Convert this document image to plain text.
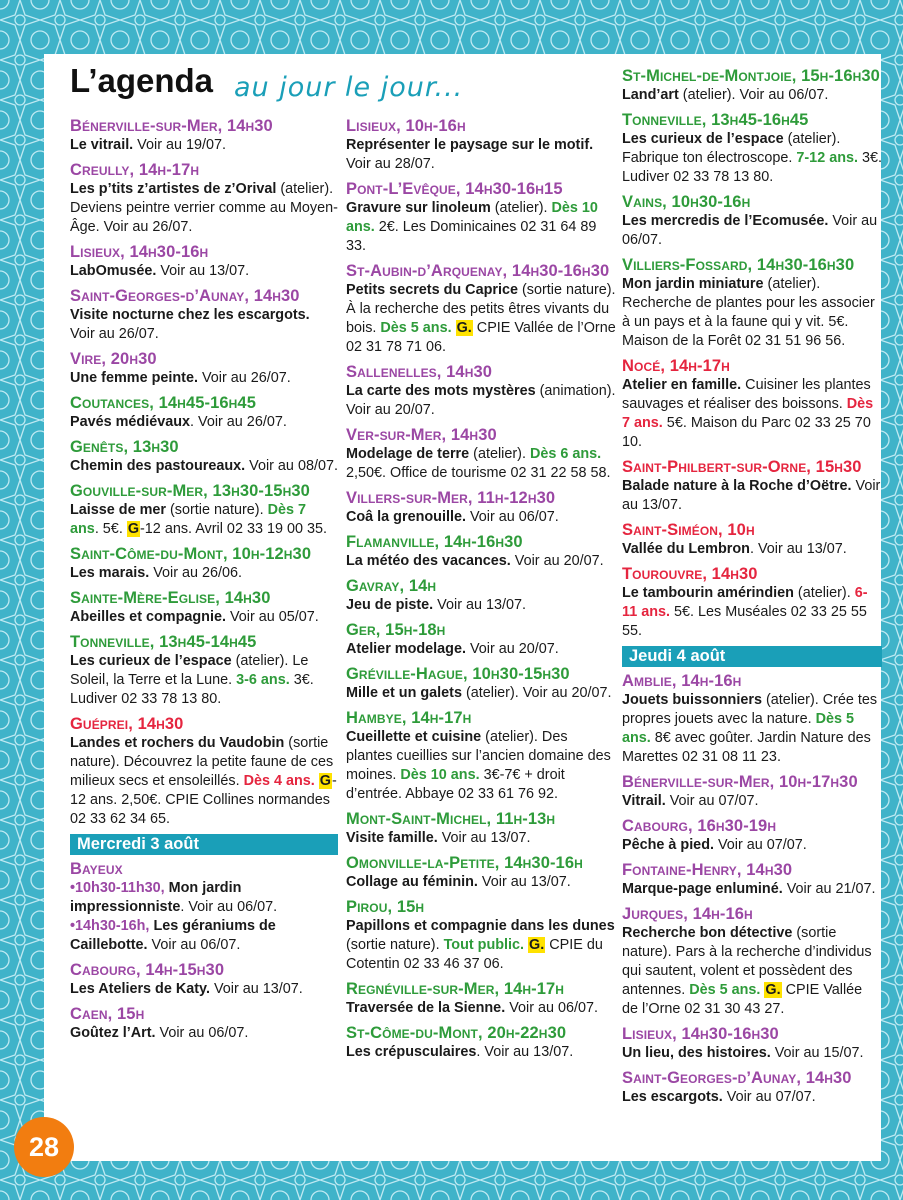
L’agenda au jour le jour...
Bénerville-sur-Mer, 14h30
Le vitrail. Voir au 19/07.
Creully, 14h-17h
Les p’tits z’artistes de z’Orival (atelier). Deviens peintre verrier comme au Moyen-Âge. Voir au 26/07.
Lisieux, 14h30-16h
LabOmusée. Voir au 13/07.
Saint-Georges-d’Aunay, 14h30
Visite nocturne chez les escargots. Voir au 26/07.
Vire, 20h30
Une femme peinte. Voir au 26/07.
Coutances, 14h45-16h45
Pavés médiévaux. Voir au 26/07.
Genêts, 13h30
Chemin des pastoureaux. Voir au 08/07.
Gouville-sur-Mer, 13h30-15h30
Laisse de mer (sortie nature). Dès 7 ans. 5€. G-12 ans. Avril 02 33 19 00 35.
Saint-Côme-du-Mont, 10h-12h30
Les marais. Voir au 26/06.
Sainte-Mère-Eglise, 14h30
Abeilles et compagnie. Voir au 05/07.
Tonneville, 13h45-14h45
Les curieux de l’espace (atelier). Le Soleil, la Terre et la Lune. 3-6 ans. 3€. Ludiver 02 33 78 13 80.
Guéprei, 14h30
Landes et rochers du Vaudobin (sortie nature). Découvrez la petite faune de ces milieux secs et ensoleillés. Dès 4 ans. G-12 ans. 2,50€. CPIE Collines normandes 02 33 62 34 65.
Mercredi 3 août
Bayeux
•10h30-11h30, Mon jardin impressionniste. Voir au 06/07.
•14h30-16h, Les géraniums de Caillebotte. Voir au 06/07.
Cabourg, 14h-15h30
Les Ateliers de Katy. Voir au 13/07.
Caen, 15h
Goûtez l’Art. Voir au 06/07.
Lisieux, 10h-16h
Représenter le paysage sur le motif. Voir au 28/07.
Pont-L’Evêque, 14h30-16h15
Gravure sur linoleum (atelier). Dès 10 ans. 2€. Les Dominicaines 02 31 64 89 33.
St-Aubin-d’Arquenay, 14h30-16h30
Petits secrets du Caprice (sortie nature). À la recherche des petits êtres vivants du bois. Dès 5 ans. G. CPIE Vallée de l’Orne 02 31 78 71 06.
Sallenelles, 14h30
La carte des mots mystères (animation). Voir au 20/07.
Ver-sur-Mer, 14h30
Modelage de terre (atelier). Dès 6 ans. 2,50€. Office de tourisme 02 31 22 58 58.
Villers-sur-Mer, 11h-12h30
Coâ la grenouille. Voir au 06/07.
Flamanville, 14h-16h30
La météo des vacances. Voir au 20/07.
Gavray, 14h
Jeu de piste. Voir au 13/07.
Ger, 15h-18h
Atelier modelage. Voir au 20/07.
Gréville-Hague, 10h30-15h30
Mille et un galets (atelier). Voir au 20/07.
Hambye, 14h-17h
Cueillette et cuisine (atelier). Des plantes cueillies sur l’ancien domaine des moines. Dès 10 ans. 3€-7€ + droit d’entrée. Abbaye 02 33 61 76 92.
Mont-Saint-Michel, 11h-13h
Visite famille. Voir au 13/07.
Omonville-la-Petite, 14h30-16h
Collage au féminin. Voir au 13/07.
Pirou, 15h
Papillons et compagnie dans les dunes (sortie nature). Tout public. G. CPIE du Cotentin 02 33 46 37 06.
Regnéville-sur-Mer, 14h-17h
Traversée de la Sienne. Voir au 06/07.
St-Côme-du-Mont, 20h-22h30
Les crépusculaires. Voir au 13/07.
St-Michel-de-Montjoie, 15h-16h30
Land’art (atelier). Voir au 06/07.
Tonneville, 13h45-16h45
Les curieux de l’espace (atelier). Fabrique ton électroscope. 7-12 ans. 3€. Ludiver 02 33 78 13 80.
Vains, 10h30-16h
Les mercredis de l’Ecomusée. Voir au 06/07.
Villiers-Fossard, 14h30-16h30
Mon jardin miniature (atelier). Recherche de plantes pour les associer à un pays et à la faune qui y vit. 5€. Maison de la Forêt 02 31 51 96 56.
Nocé, 14h-17h
Atelier en famille. Cuisiner les plantes sauvages et réaliser des boissons. Dès 7 ans. 5€. Maison du Parc 02 33 25 70 10.
Saint-Philbert-sur-Orne, 15h30
Balade nature à la Roche d’Oëtre. Voir au 13/07.
Saint-Siméon, 10h
Vallée du Lembron. Voir au 13/07.
Tourouvre, 14h30
Le tambourin amérindien (atelier). 6-11 ans. 5€. Les Muséales 02 33 25 55 55.
Jeudi 4 août
Amblie, 14h-16h
Jouets buissonniers (atelier). Crée tes propres jouets avec la nature. Dès 5 ans. 8€ avec goûter. Jardin Nature des Marettes 02 31 08 11 23.
Bénerville-sur-Mer, 10h-17h30
Vitrail. Voir au 07/07.
Cabourg, 16h30-19h
Pêche à pied. Voir au 07/07.
Fontaine-Henry, 14h30
Marque-page enluminé. Voir au 21/07.
Jurques, 14h-16h
Recherche bon détective (sortie nature). Pars à la recherche d’individus qui sautent, volent et possèdent des antennes. Dès 5 ans. G. CPIE Vallée de l’Orne 02 31 30 43 27.
Lisieux, 14h30-16h30
Un lieu, des histoires. Voir au 15/07.
Saint-Georges-d’Aunay, 14h30
Les escargots. Voir au 07/07.
28
